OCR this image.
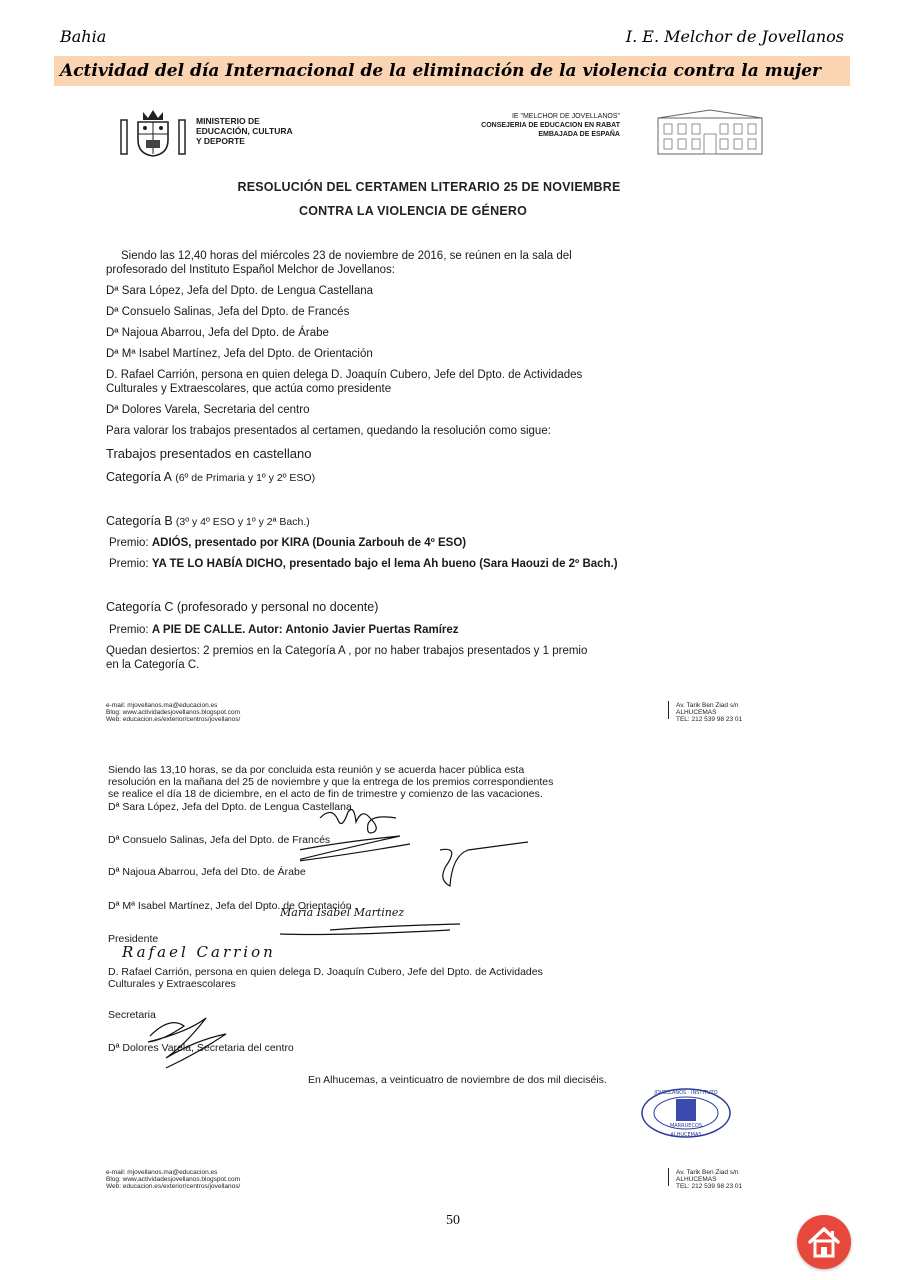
Bahia	I. E. Melchor de Jovellanos
Actividad del día Internacional de la eliminación de la violencia contra la mujer
MINISTERIO DE
EDUCACIÓN, CULTURA
Y DEPORTE
IE "MELCHOR DE JOVELLANOS"
CONSEJERIA DE EDUCACION EN RABAT
EMBAJADA DE ESPAÑA
RESOLUCIÓN DEL CERTAMEN LITERARIO 25 DE NOVIEMBRE
CONTRA LA VIOLENCIA DE GÉNERO
Siendo las 12,40 horas del miércoles 23 de noviembre de 2016, se reúnen en la sala del
profesorado del Instituto Español Melchor de Jovellanos:
Dª Sara López, Jefa del Dpto. de Lengua Castellana
Dª Consuelo Salinas, Jefa del Dpto. de Francés
Dª Najoua Abarrou, Jefa del Dpto. de Árabe
Dª Mª Isabel Martínez, Jefa del Dpto. de Orientación
D. Rafael Carrión, persona en quien delega D. Joaquín Cubero, Jefe del Dpto. de Actividades
Culturales y Extraescolares, que actúa como presidente
Dª Dolores Varela, Secretaria del centro
Para valorar los trabajos presentados al certamen, quedando la resolución como sigue:
Trabajos presentados en castellano
Categoría A (6º de Primaria y 1º y 2º ESO)
Categoría B (3º y 4º ESO y 1º y 2ª Bach.)
Premio: ADIÓS, presentado por KIRA (Dounia Zarbouh de 4º ESO)
Premio: YA TE LO HABÍA DICHO, presentado bajo el lema Ah bueno (Sara Haouzi de 2º Bach.)
Categoría C (profesorado y personal no docente)
Premio: A PIE DE CALLE. Autor: Antonio Javier Puertas Ramírez
Quedan desiertos: 2 premios en la Categoría A , por no haber trabajos presentados y 1 premio
en la Categoría C.
e-mail: mjovellanos.ma@educacion.es
Blog: www.actividadesjovellanos.blogspot.com
Web: educacion.es/exterior/centros/jovellanos/
Av. Tarik Ben Ziad s/n
ALHUCEMAS
TEL: 212 539 98 23 01
Siendo las 13,10 horas, se da por concluida esta reunión y se acuerda hacer pública esta
resolución en la mañana del 25 de noviembre y que la entrega de los premios correspondientes
se realice el día 18 de diciembre, en el acto de fin de trimestre y comienzo de las vacaciones.
Dª Sara López, Jefa del Dpto. de Lengua Castellana
Dª Consuelo Salinas, Jefa del Dpto. de Francés
Dª Najoua Abarrou, Jefa del Dto. de Árabe
Dª Mª Isabel Martínez, Jefa del Dpto. de Orientación
Presidente
D. Rafael Carrión, persona en quien delega D. Joaquín Cubero, Jefe del Dpto. de Actividades
Culturales y Extraescolares
Secretaria
Dª Dolores Varela, Secretaria del centro
En Alhucemas, a veinticuatro de noviembre de dos mil dieciséis.
Maria Isabel Martinez
Rafael Carrion
MARRUECOS
JOVELLANOS · INSTITUTO
ALHUCEMAS
e-mail: mjovellanos.ma@educacion.es
Blog: www.actividadesjovellanos.blogspot.com
Web: educacion.es/exterior/centros/jovellanos/
Av. Tarik Ben Ziad s/n
ALHUCEMAS
TEL: 212 539 98 23 01
50
